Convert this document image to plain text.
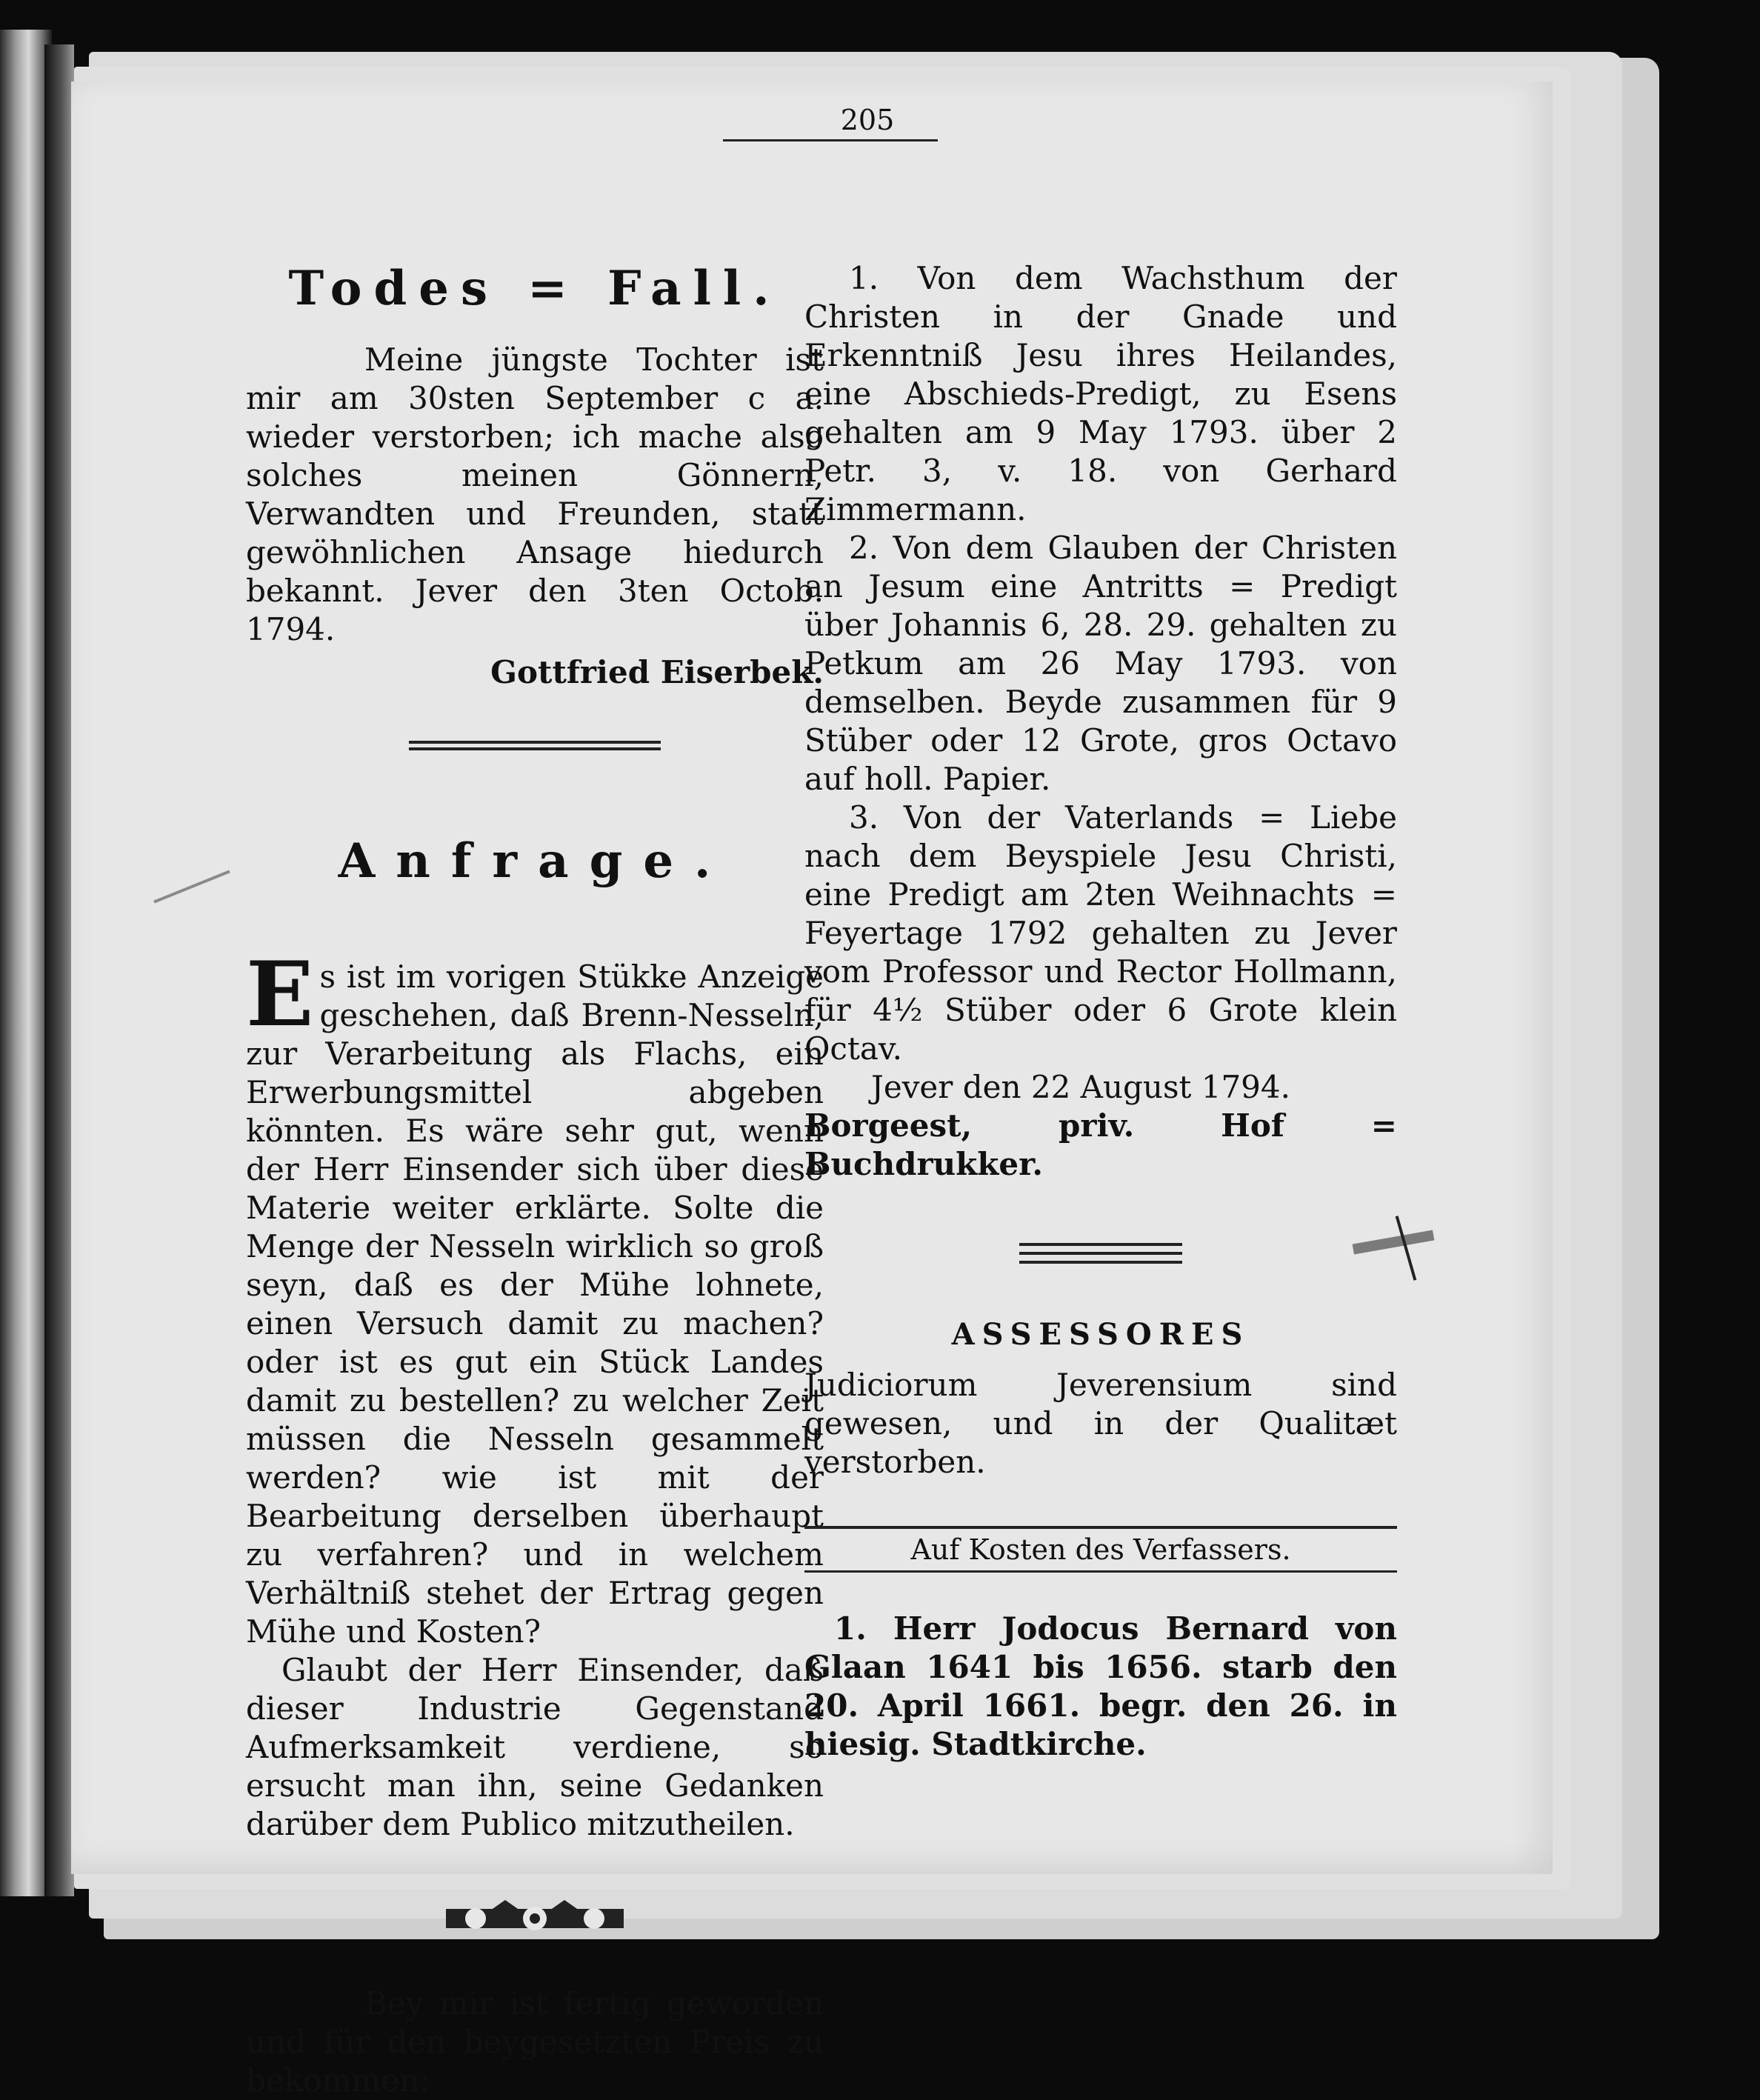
205
Todes = Fall.

Meine jüngste Tochter ist mir am 30sten September c a. wieder verstorben; ich mache also solches meinen Gönnern, Verwandten und Freunden, statt gewöhnlichen Ansage hiedurch bekannt. Jever den 3ten Octob. 1794.

Gottfried Eiserbek.

Anfrage.
E s ist im vorigen Stükke Anzeige geschehen, daß Brenn-Nesseln, zur Verarbeitung als Flachs, ein Erwerbungsmittel abgeben könnten. Es wäre sehr gut, wenn der Herr Einsender sich über diese Materie weiter erklärte. Solte die Menge der Nesseln wirklich so groß seyn, daß es der Mühe lohnete, einen Versuch damit zu machen? oder ist es gut ein Stück Landes damit zu bestellen? zu welcher Zeit müssen die Nesseln gesammelt werden? wie ist mit der Bearbeitung derselben überhaupt zu verfahren? und in welchem Verhältniß stehet der Ertrag gegen Mühe und Kosten?

Glaubt der Herr Einsender, daß dieser Industrie Gegenstand Aufmerksamkeit verdiene, so ersucht man ihn, seine Gedanken darüber dem Publico mitzutheilen.

Bey mir ist fertig geworden und für den beygesetzten Preis zu bekommen:

1. Von dem Wachsthum der Christen in der Gnade und Erkenntniß Jesu ihres Heilandes, eine Abschieds-Predigt, zu Esens gehalten am 9 May 1793. über 2 Petr. 3, v. 18. von Gerhard Zimmermann.

2. Von dem Glauben der Christen an Jesum eine Antritts = Predigt über Johannis 6, 28. 29. gehalten zu Petkum am 26 May 1793. von demselben. Beyde zusammen für 9 Stüber oder 12 Grote, gros Octavo auf holl. Papier.

3. Von der Vaterlands = Liebe nach dem Beyspiele Jesu Christi, eine Predigt am 2ten Weihnachts = Feyertage 1792 gehalten zu Jever vom Professor und Rector Hollmann, für 4½ Stüber oder 6 Grote klein Octav.

Jever den 22 August 1794.

Borgeest, priv. Hof = Buchdrukker.

ASSESSORES

Judiciorum Jeverensium sind gewesen, und in der Qualitæt verstorben.

Auf Kosten des Verfassers.

1. Herr Jodocus Bernard von Glaan 1641 bis 1656. starb den 20. April 1661. begr. den 26. in hiesig. Stadtkirche.
